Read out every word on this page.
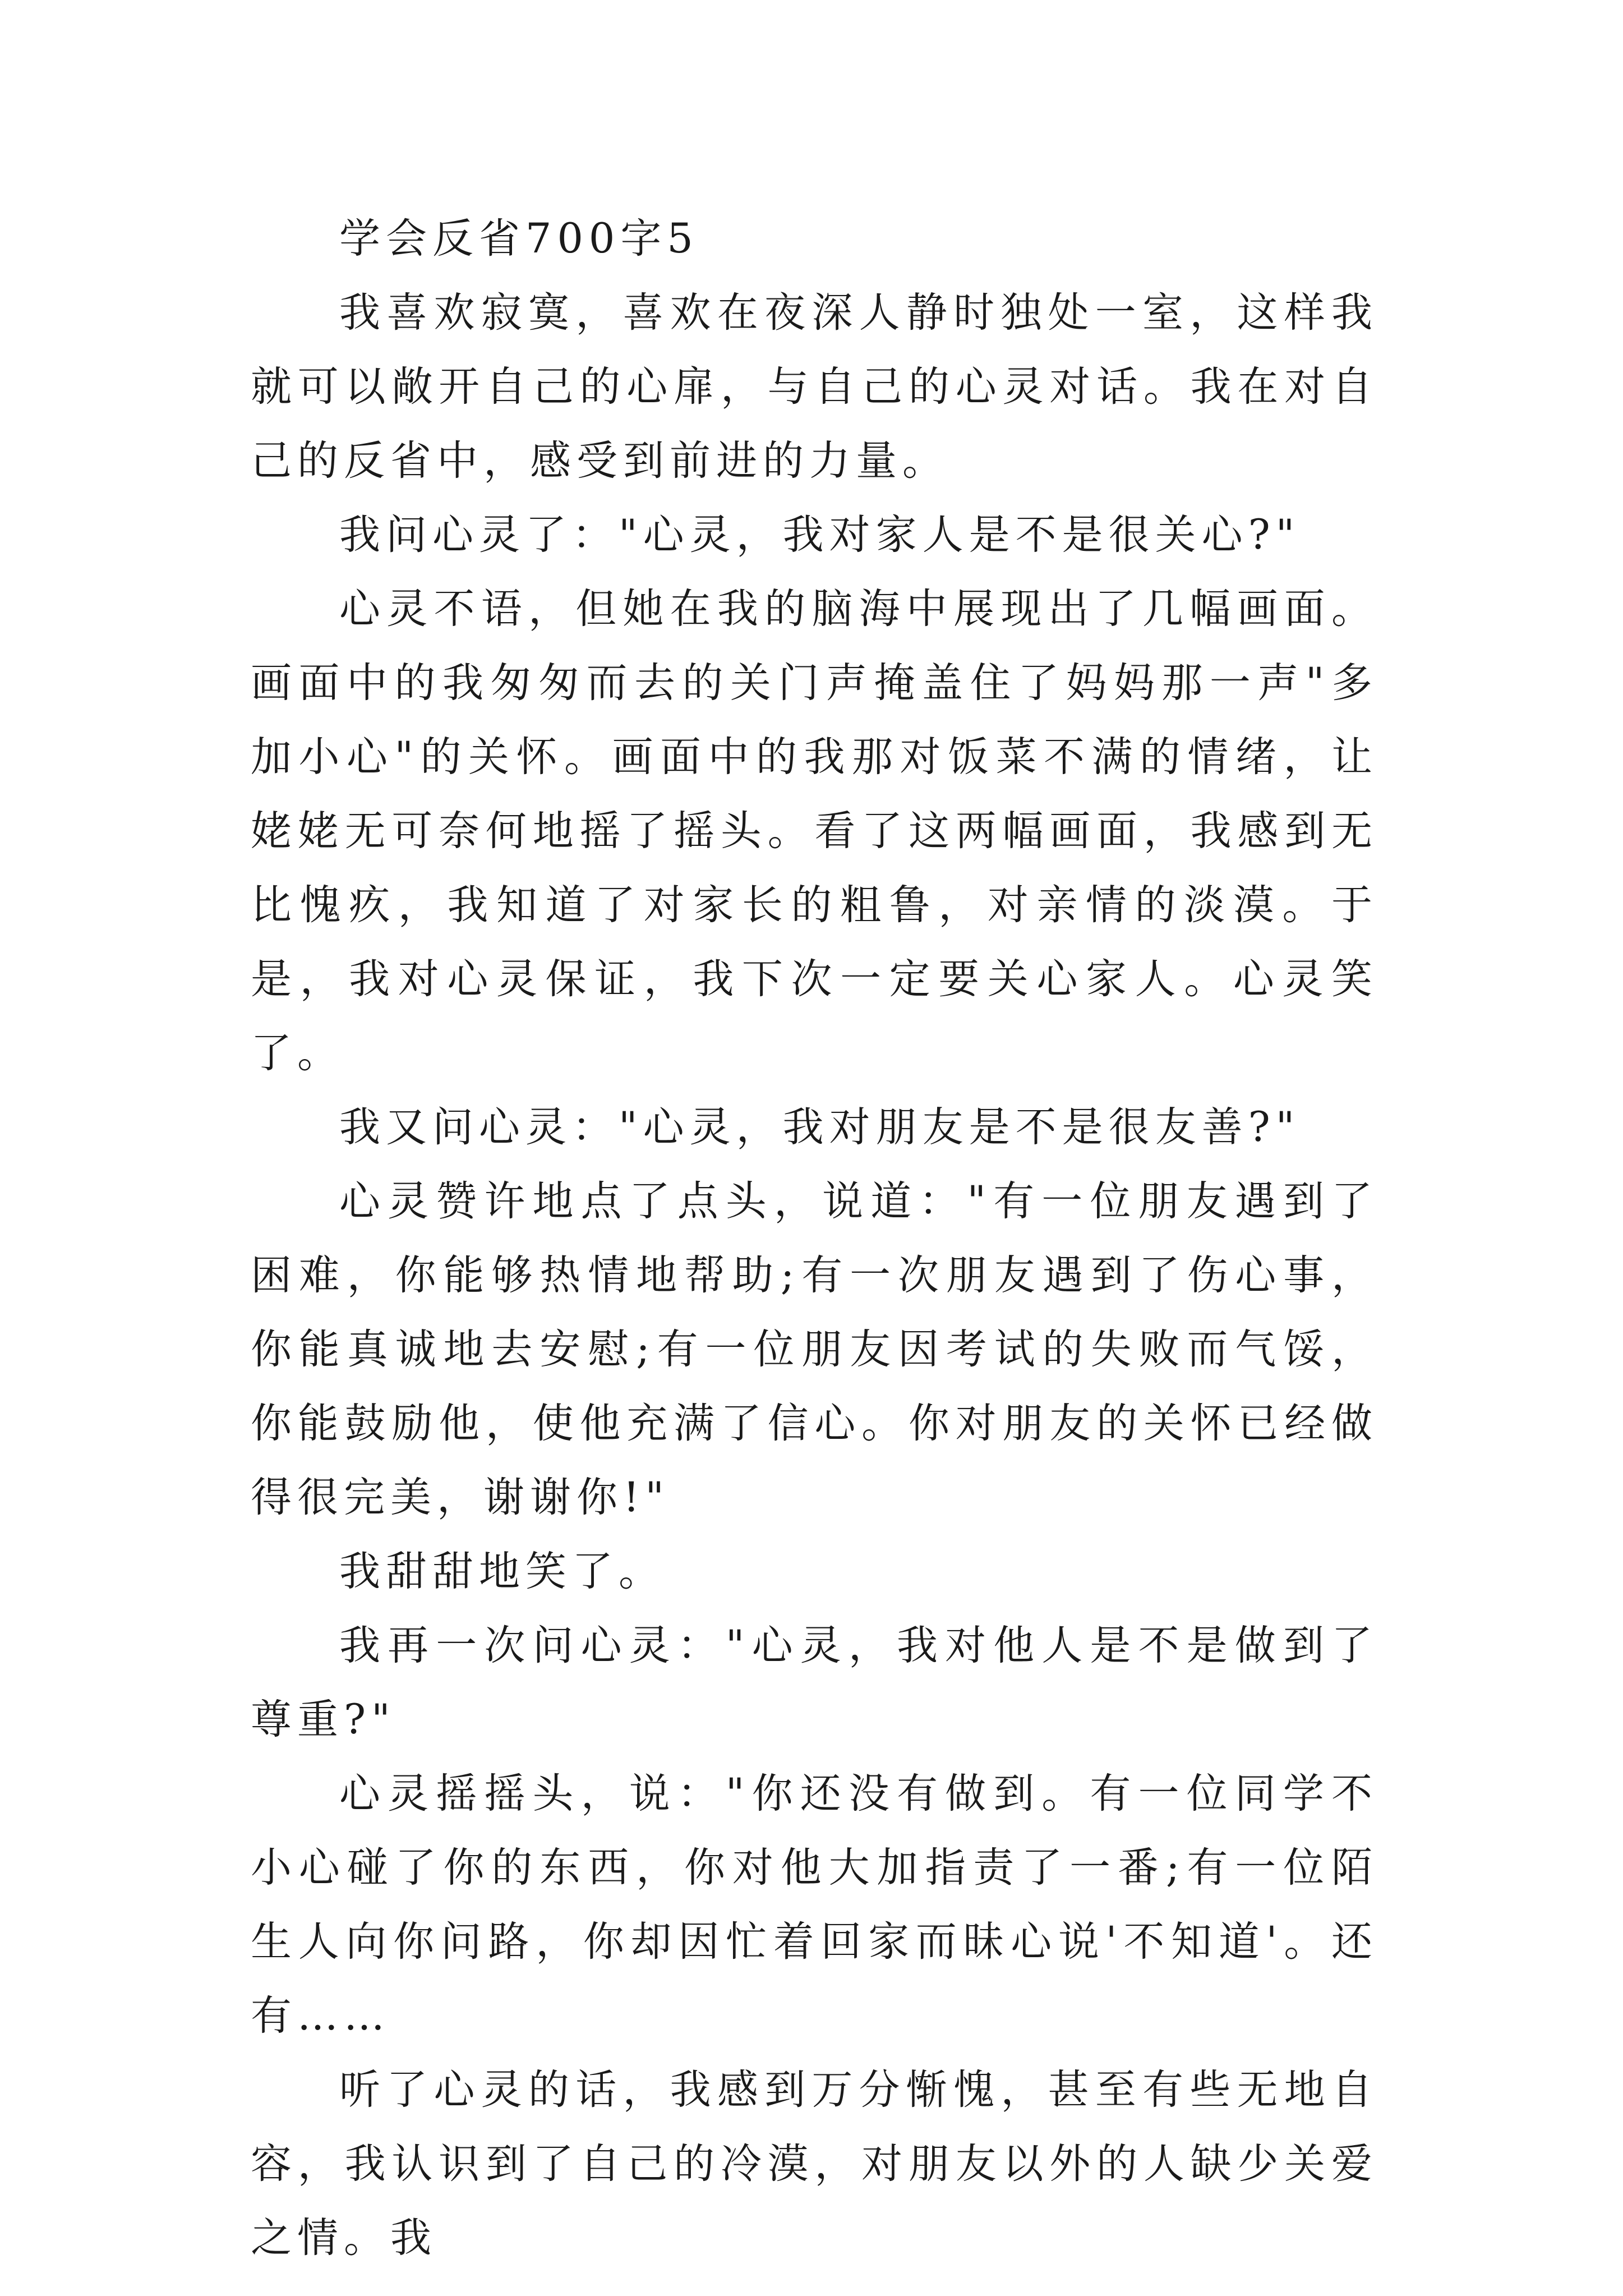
学会反省700字5

我喜欢寂寞，喜欢在夜深人静时独处一室，这样我就可以敞开自己的心扉，与自己的心灵对话。我在对自己的反省中，感受到前进的力量。

我问心灵了："心灵，我对家人是不是很关心?"

心灵不语，但她在我的脑海中展现出了几幅画面。画面中的我匆匆而去的关门声掩盖住了妈妈那一声"多加小心"的关怀。画面中的我那对饭菜不满的情绪，让姥姥无可奈何地摇了摇头。看了这两幅画面，我感到无比愧疚，我知道了对家长的粗鲁，对亲情的淡漠。于是，我对心灵保证，我下次一定要关心家人。心灵笑了。

我又问心灵："心灵，我对朋友是不是很友善?"

心灵赞许地点了点头，说道："有一位朋友遇到了困难，你能够热情地帮助;有一次朋友遇到了伤心事，你能真诚地去安慰;有一位朋友因考试的失败而气馁，你能鼓励他，使他充满了信心。你对朋友的关怀已经做得很完美，谢谢你!"

我甜甜地笑了。

我再一次问心灵："心灵，我对他人是不是做到了尊重?"

心灵摇摇头，说："你还没有做到。有一位同学不小心碰了你的东西，你对他大加指责了一番;有一位陌生人向你问路，你却因忙着回家而昧心说'不知道'。还有……

听了心灵的话，我感到万分惭愧，甚至有些无地自容，我认识到了自己的冷漠，对朋友以外的人缺少关爱之情。我
